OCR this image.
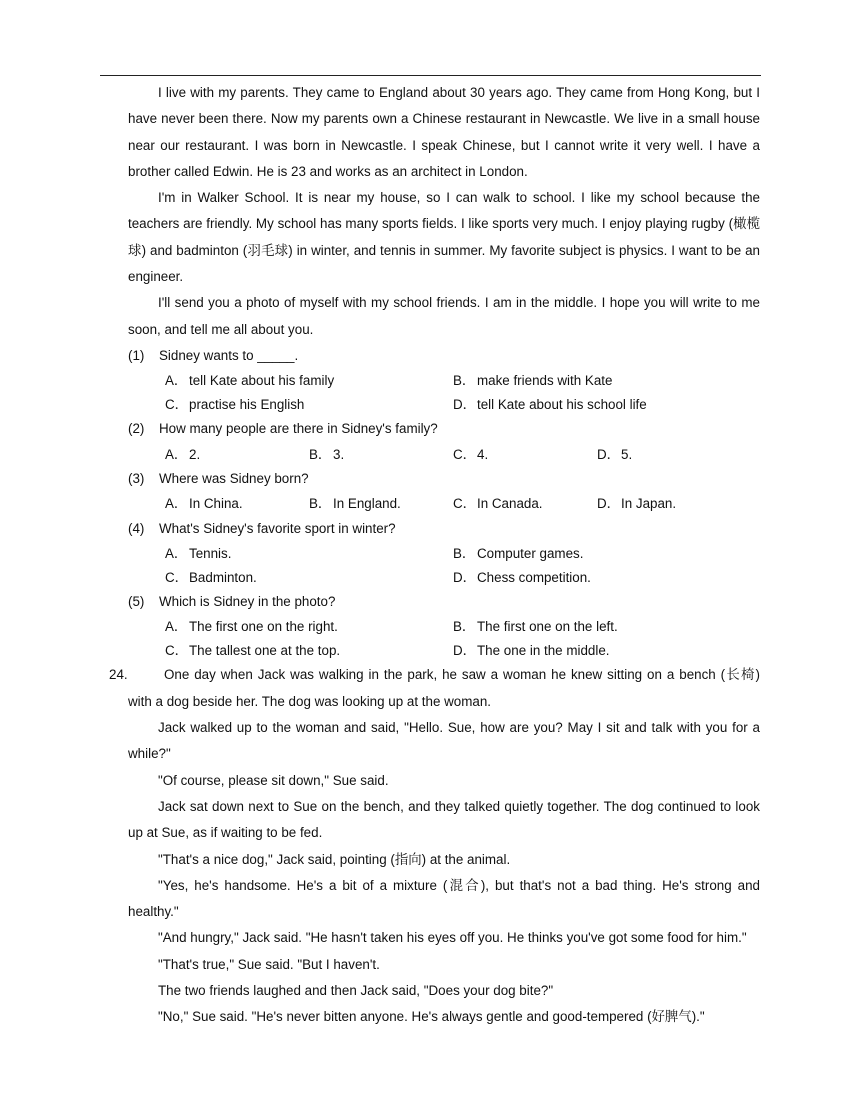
I live with my parents. They came to England about 30 years ago. They came from Hong Kong, but I have never been there. Now my parents own a Chinese restaurant in Newcastle. We live in a small house near our restaurant. I was born in Newcastle. I speak Chinese, but I cannot write it very well. I have a brother called Edwin. He is 23 and works as an architect in London.

I'm in Walker School. It is near my house, so I can walk to school. I like my school because the teachers are friendly. My school has many sports fields. I like sports very much. I enjoy playing rugby (橄榄球) and badminton (羽毛球) in winter, and tennis in summer. My favorite subject is physics. I want to be an engineer.

I'll send you a photo of myself with my school friends. I am in the middle. I hope you will write to me soon, and tell me all about you.

(1) Sidney wants to _____.

A． tell Kate about his family	B． make friends with Kate
C．practise his English	D．tell Kate about his school life

(2) How many people are there in Sidney's family?

A． 2.	B． 3.	C．4.	D．5.

(3) Where was Sidney born?

A． In China.	B． In England.	C．In Canada.	D．In Japan.

(4) What's Sidney's favorite sport in winter?

A． Tennis.	B． Computer games.
C．Badminton.	D．Chess competition.

(5) Which is Sidney in the photo?

A． The first one on the right.	B． The first one on the left.
C．The tallest one at the top.	D．The one in the middle.

24.	One day when Jack was walking in the park, he saw a woman he knew sitting on a bench (长椅) with a dog beside her. The dog was looking up at the woman.

Jack walked up to the woman and said, "Hello. Sue, how are you? May I sit and talk with you for a while?"

"Of course, please sit down," Sue said.

Jack sat down next to Sue on the bench, and they talked quietly together. The dog continued to look up at Sue, as if waiting to be fed.

"That's a nice dog," Jack said, pointing (指向) at the animal.

"Yes, he's handsome. He's a bit of a mixture (混合), but that's not a bad thing. He's strong and healthy."

"And hungry," Jack said. "He hasn't taken his eyes off you. He thinks you've got some food for him."

"That's true," Sue said. "But I haven't.

The two friends laughed and then Jack said, "Does your dog bite?"

"No," Sue said. "He's never bitten anyone. He's always gentle and good-tempered (好脾气)."
